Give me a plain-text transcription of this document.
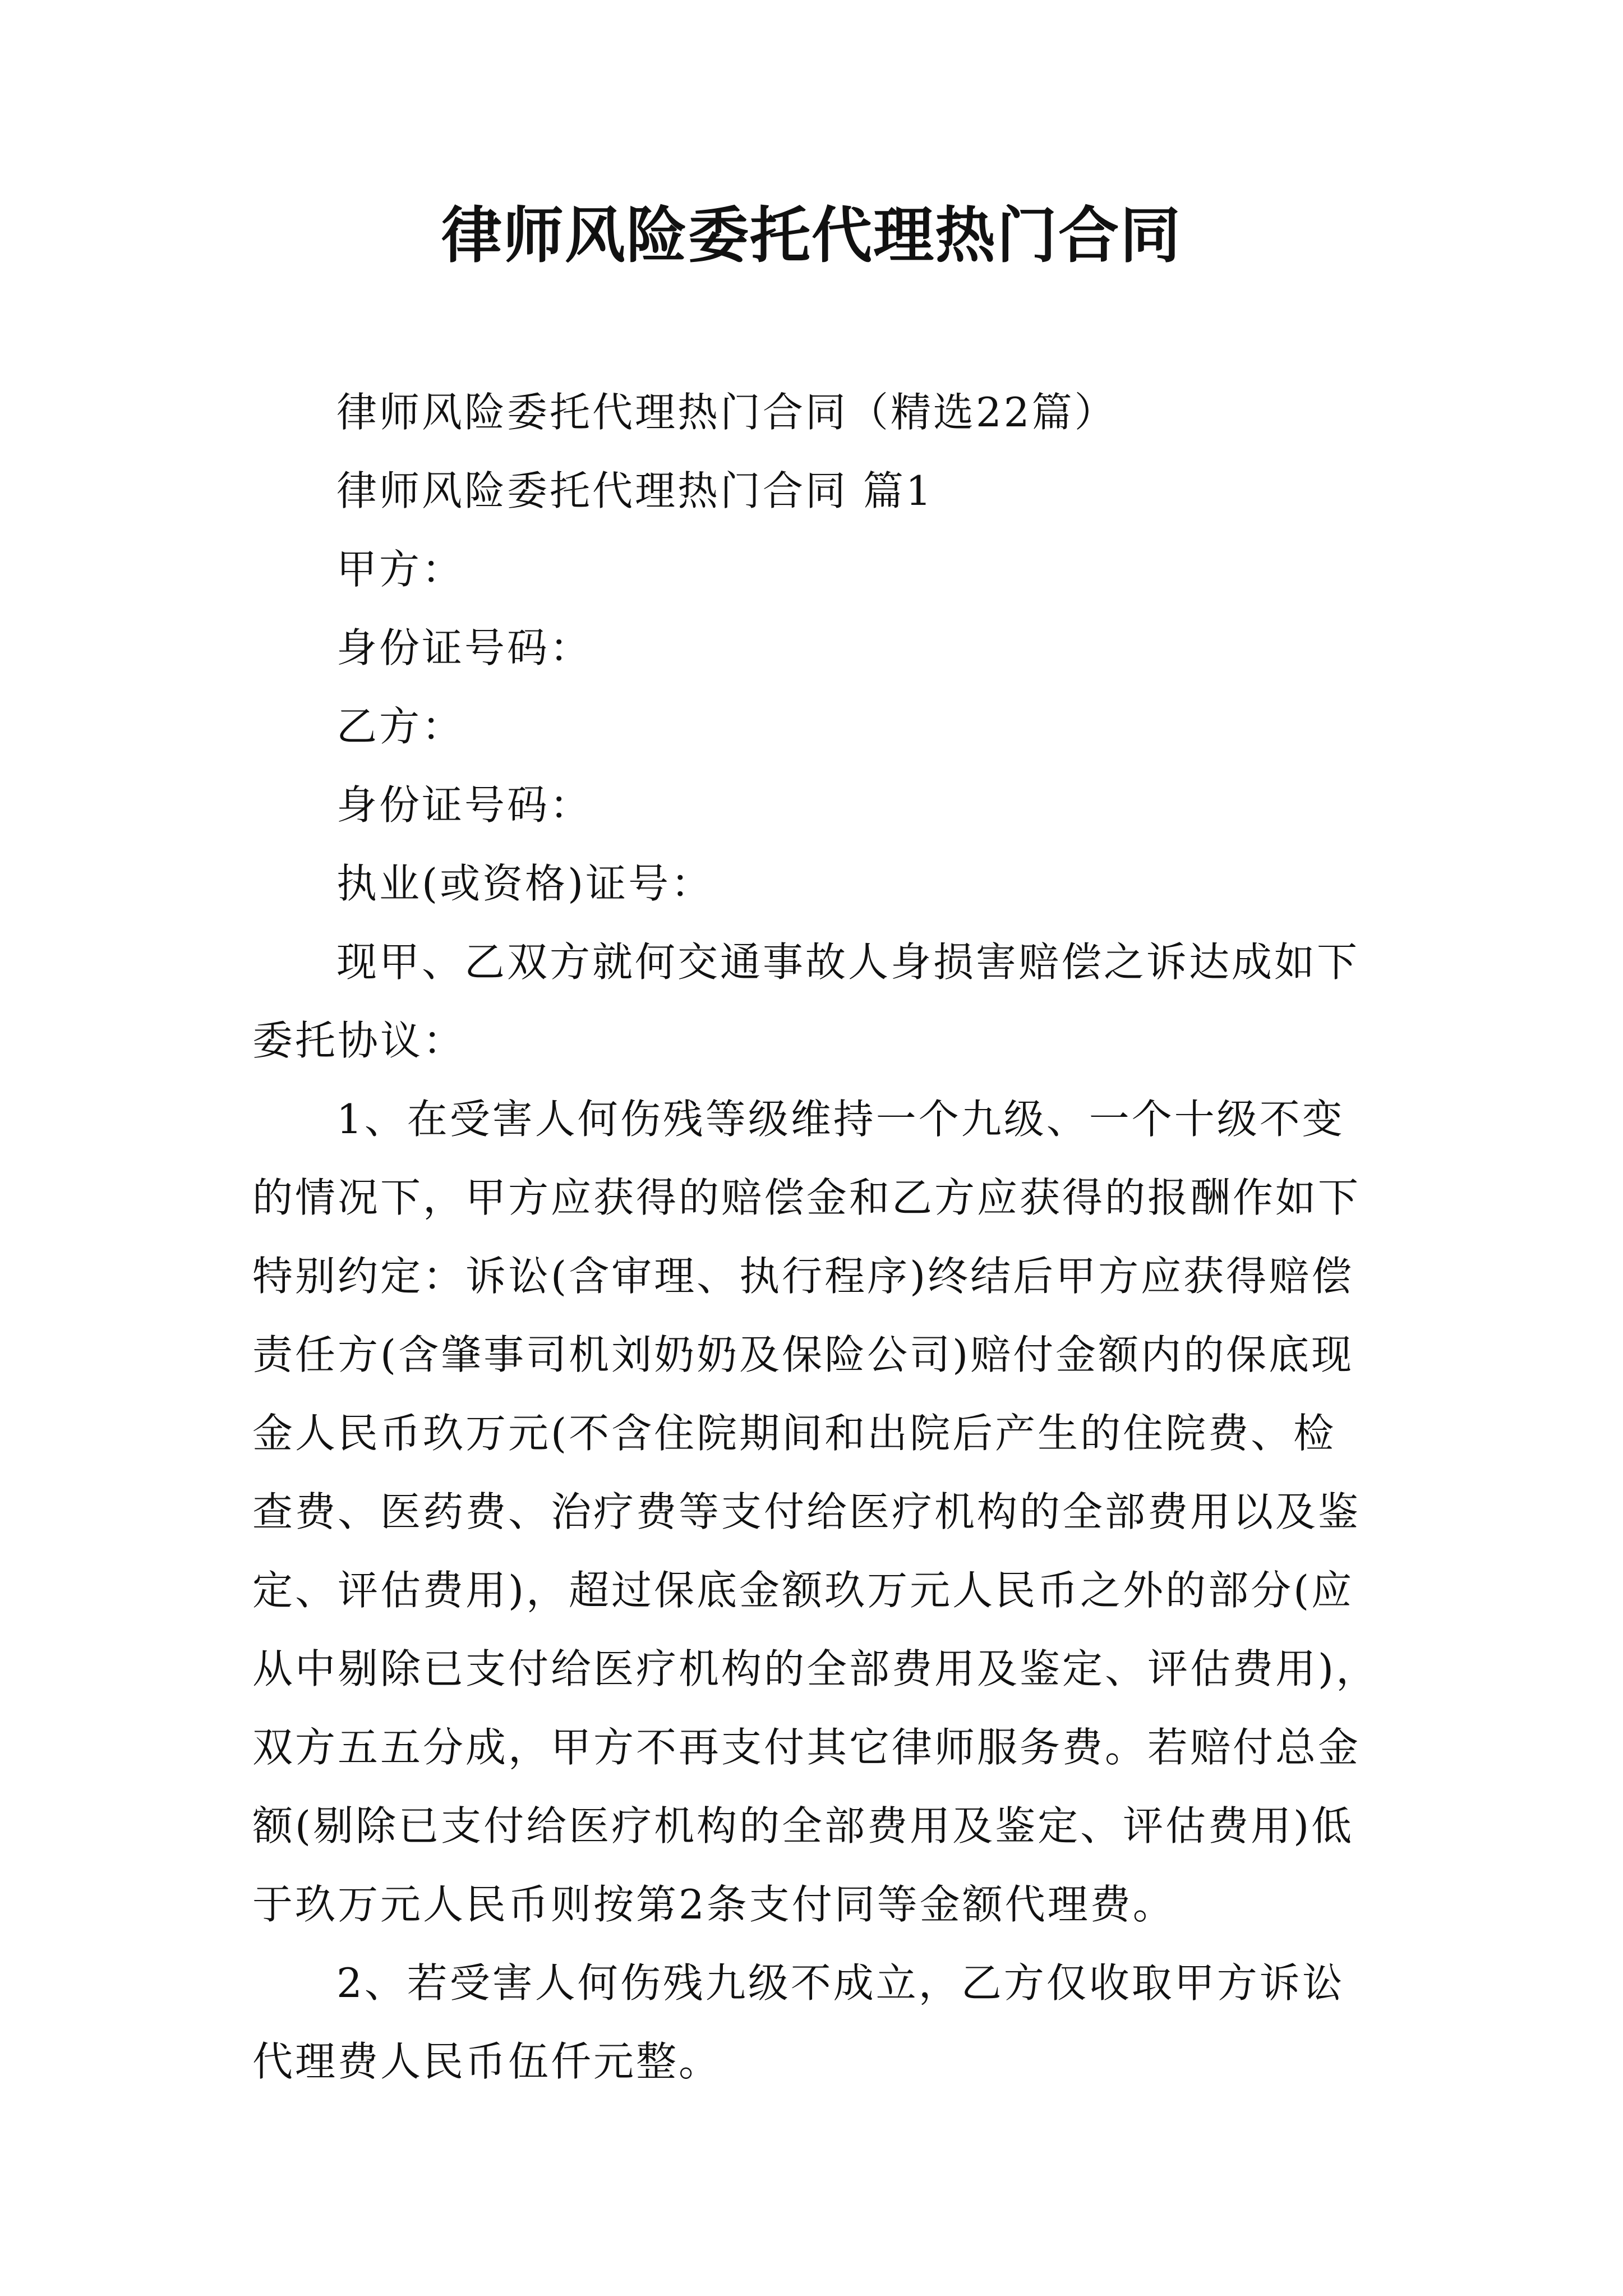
律师风险委托代理热门合同
律师风险委托代理热门合同（精选22篇）
律师风险委托代理热门合同 篇1
甲方：
身份证号码：
乙方：
身份证号码：
执业(或资格)证号：
现甲、乙双方就何交通事故人身损害赔偿之诉达成如下
委托协议：
1、在受害人何伤残等级维持一个九级、一个十级不变
的情况下，甲方应获得的赔偿金和乙方应获得的报酬作如下
特别约定：诉讼(含审理、执行程序)终结后甲方应获得赔偿
责任方(含肇事司机刘奶奶及保险公司)赔付金额内的保底现
金人民币玖万元(不含住院期间和出院后产生的住院费、检
查费、医药费、治疗费等支付给医疗机构的全部费用以及鉴
定、评估费用)，超过保底金额玖万元人民币之外的部分(应
从中剔除已支付给医疗机构的全部费用及鉴定、评估费用)，
双方五五分成，甲方不再支付其它律师服务费。若赔付总金
额(剔除已支付给医疗机构的全部费用及鉴定、评估费用)低
于玖万元人民币则按第2条支付同等金额代理费。
2、若受害人何伤残九级不成立，乙方仅收取甲方诉讼
代理费人民币伍仟元整。
